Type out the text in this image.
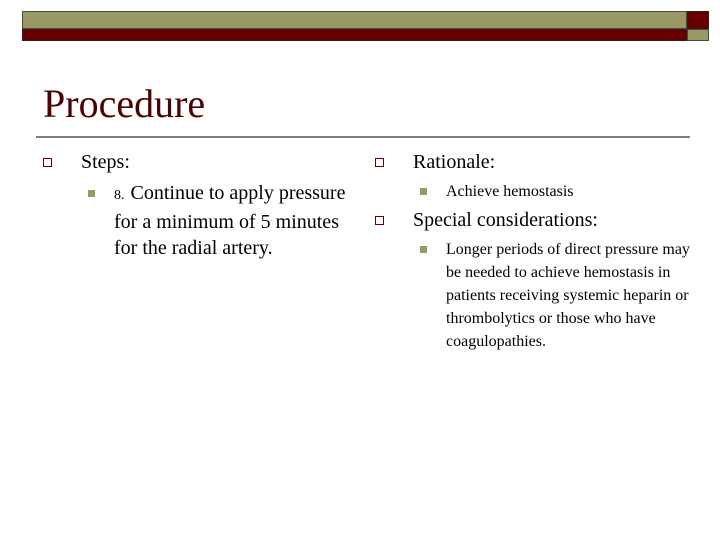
Procedure
Steps:
8. Continue to apply pressure for a minimum of 5 minutes for the radial artery.
Rationale:
Achieve hemostasis
Special considerations:
Longer periods of direct pressure may be needed to achieve hemostasis in patients receiving systemic heparin or thrombolytics or those who have coagulopathies.
